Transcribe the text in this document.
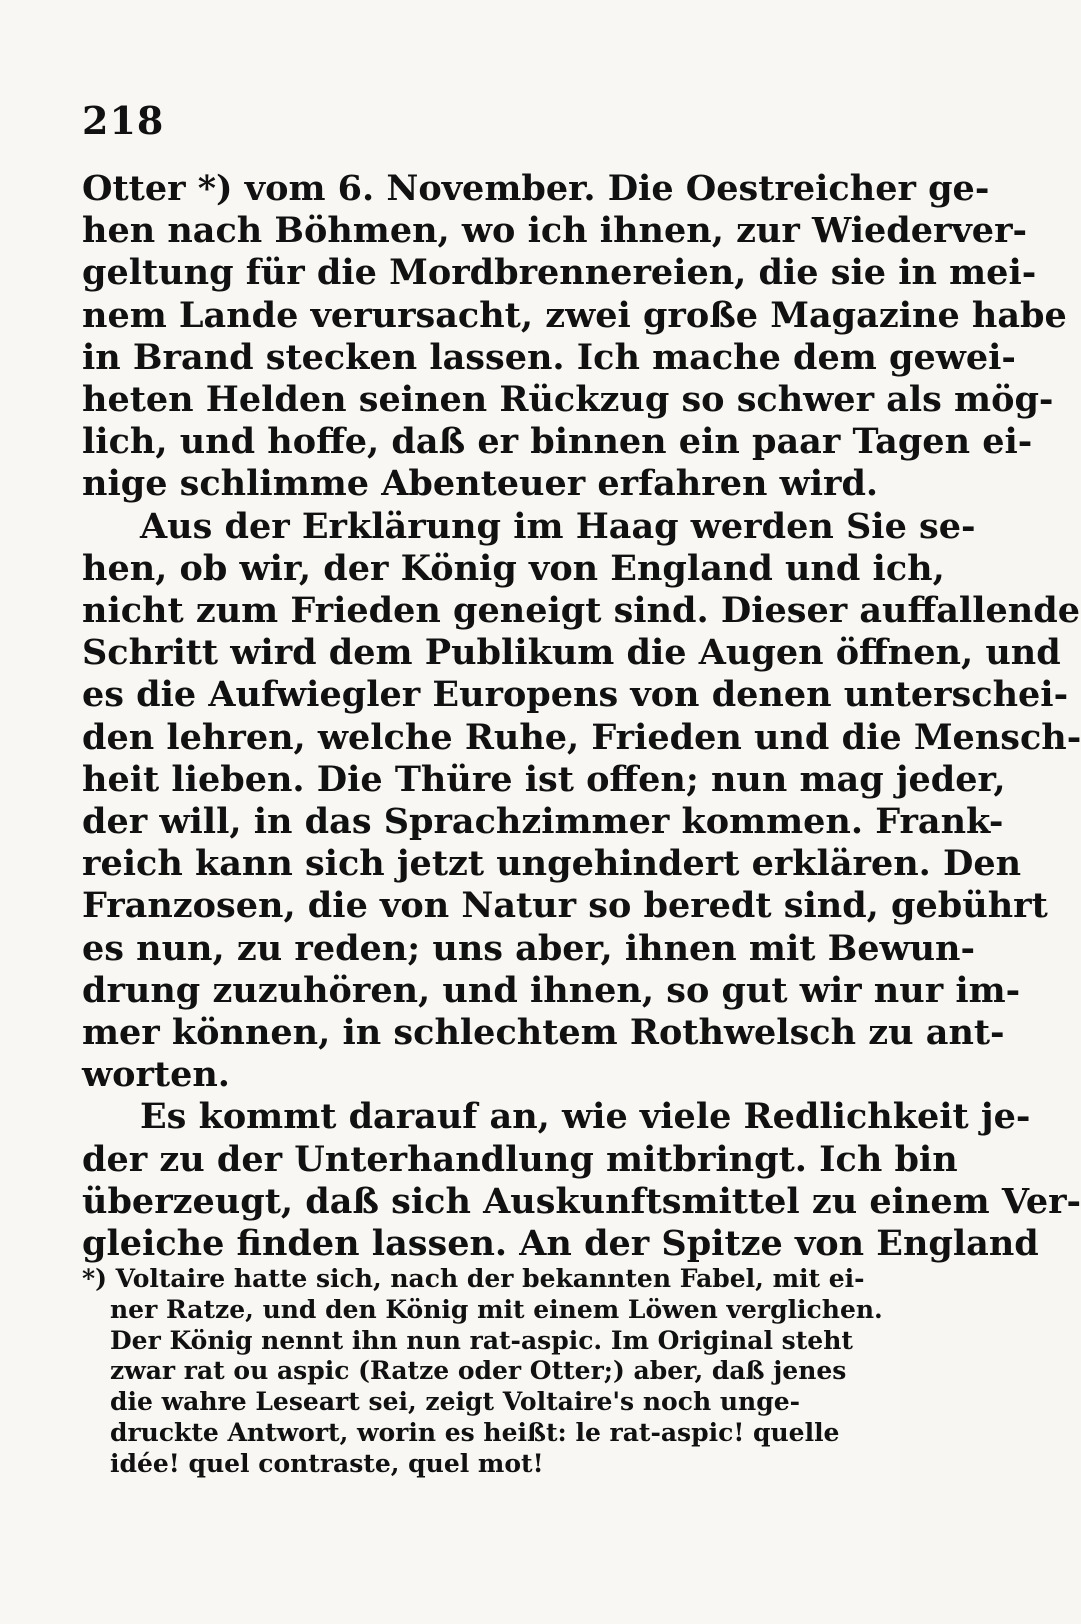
218
Otter *) vom 6. November. Die Oestreicher ge-
hen nach Böhmen, wo ich ihnen, zur Wiederver-
geltung für die Mordbrennereien, die sie in mei-
nem Lande verursacht, zwei große Magazine habe
in Brand stecken lassen. Ich mache dem gewei-
heten Helden seinen Rückzug so schwer als mög-
lich, und hoffe, daß er binnen ein paar Tagen ei-
nige schlimme Abenteuer erfahren wird.
Aus der Erklärung im Haag werden Sie se-
hen, ob wir, der König von England und ich,
nicht zum Frieden geneigt sind. Dieser auffallende
Schritt wird dem Publikum die Augen öffnen, und
es die Aufwiegler Europens von denen unterschei-
den lehren, welche Ruhe, Frieden und die Mensch-
heit lieben. Die Thüre ist offen; nun mag jeder,
der will, in das Sprachzimmer kommen. Frank-
reich kann sich jetzt ungehindert erklären. Den
Franzosen, die von Natur so beredt sind, gebührt
es nun, zu reden; uns aber, ihnen mit Bewun-
drung zuzuhören, und ihnen, so gut wir nur im-
mer können, in schlechtem Rothwelsch zu ant-
worten.
Es kommt darauf an, wie viele Redlichkeit je-
der zu der Unterhandlung mitbringt. Ich bin
überzeugt, daß sich Auskunftsmittel zu einem Ver-
gleiche finden lassen. An der Spitze von England
*) Voltaire hatte sich, nach der bekannten Fabel, mit ei-
ner Ratze, und den König mit einem Löwen verglichen.
Der König nennt ihn nun rat-aspic. Im Original steht
zwar rat ou aspic (Ratze oder Otter;) aber, daß jenes
die wahre Leseart sei, zeigt Voltaire's noch unge-
druckte Antwort, worin es heißt: le rat-aspic! quelle
idée! quel contraste, quel mot!
